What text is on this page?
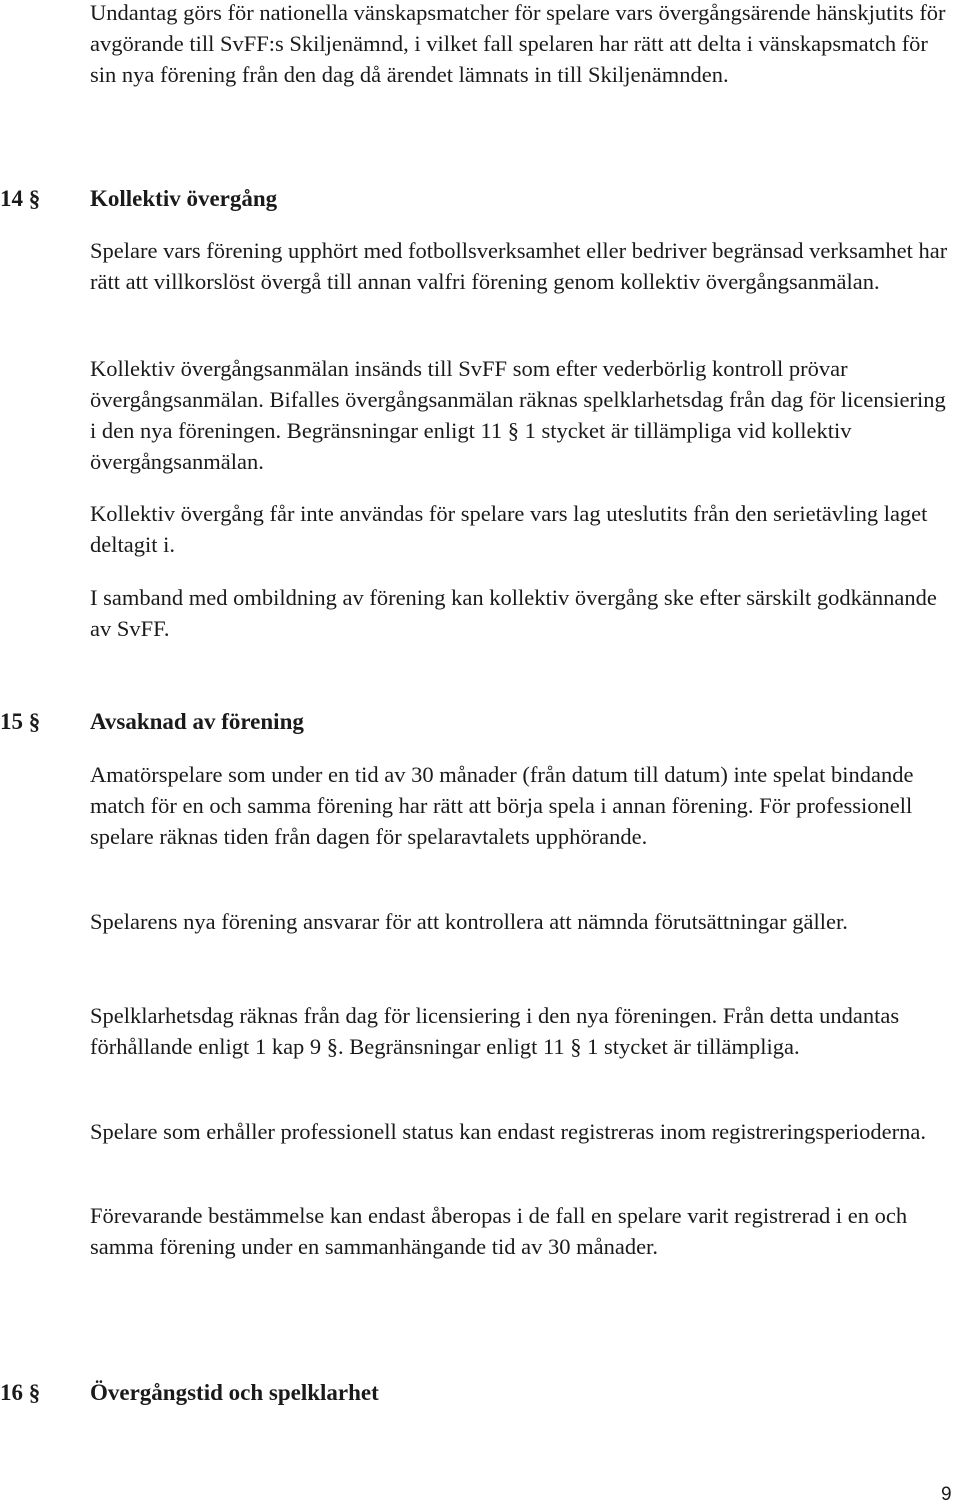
Undantag görs för nationella vänskapsmatcher för spelare vars övergångsärende hänskjutits för avgörande till SvFF:s Skiljenämnd, i vilket fall spelaren har rätt att delta i vänskapsmatch för sin nya förening från den dag då ärendet lämnats in till Skiljenämnden.

14 § Kollektiv övergång

Spelare vars förening upphört med fotbollsverksamhet eller bedriver begränsad verksamhet har rätt att villkorslöst övergå till annan valfri förening genom kollektiv övergångsanmälan.

Kollektiv övergångsanmälan insänds till SvFF som efter vederbörlig kontroll prövar övergångsanmälan. Bifalles övergångsanmälan räknas spelklarhetsdag från dag för licensiering i den nya föreningen. Begränsningar enligt 11 § 1 stycket är tillämpliga vid kollektiv övergångsanmälan.

Kollektiv övergång får inte användas för spelare vars lag uteslutits från den serietävling laget deltagit i.

I samband med ombildning av förening kan kollektiv övergång ske efter särskilt godkännande av SvFF.

15 § Avsaknad av förening

Amatörspelare som under en tid av 30 månader (från datum till datum) inte spelat bindande match för en och samma förening har rätt att börja spela i annan förening. För professionell spelare räknas tiden från dagen för spelaravtalets upphörande.

Spelarens nya förening ansvarar för att kontrollera att nämnda förutsättningar gäller.

Spelklarhetsdag räknas från dag för licensiering i den nya föreningen. Från detta undantas förhållande enligt 1 kap 9 §. Begränsningar enligt 11 § 1 stycket är tillämpliga.

Spelare som erhåller professionell status kan endast registreras inom registreringsperioderna.

Förevarande bestämmelse kan endast åberopas i de fall en spelare varit registrerad i en och samma förening under en sammanhängande tid av 30 månader.

16 § Övergångstid och spelklarhet
9
